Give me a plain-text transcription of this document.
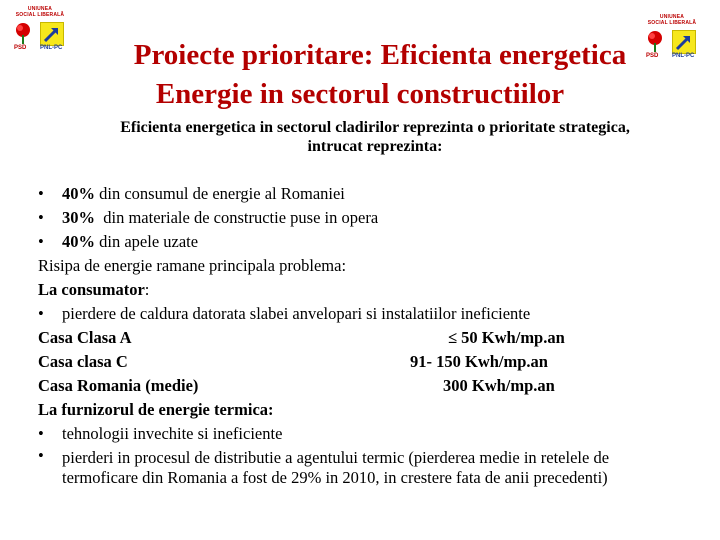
UNIUNEA
SOCIAL LIBERALĂ
PSD PNL-PC
UNIUNEA
SOCIAL LIBERALĂ
PSD PNL-PC
Proiecte prioritare: Eficienta energetica
Energie in sectorul constructiilor
Eficienta energetica in sectorul cladirilor reprezinta o prioritate strategica, intrucat reprezinta:
•	40% din consumul de energie al Romaniei
•	30%  din materiale de constructie puse in opera
•	40% din apele uzate
Risipa de energie ramane principala problema:
La consumator:
•	pierdere de caldura datorata slabei anvelopari si instalatiilor ineficiente
Casa Clasa A	≤ 50 Kwh/mp.an
Casa clasa C	91- 150 Kwh/mp.an
Casa Romania (medie)	300 Kwh/mp.an
La furnizorul de energie termica:
•	tehnologii invechite si ineficiente
•	pierderi in procesul de distributie a agentului termic (pierderea medie in retelele de termoficare din Romania a fost de 29% in 2010, in crestere fata de anii precedenti)
